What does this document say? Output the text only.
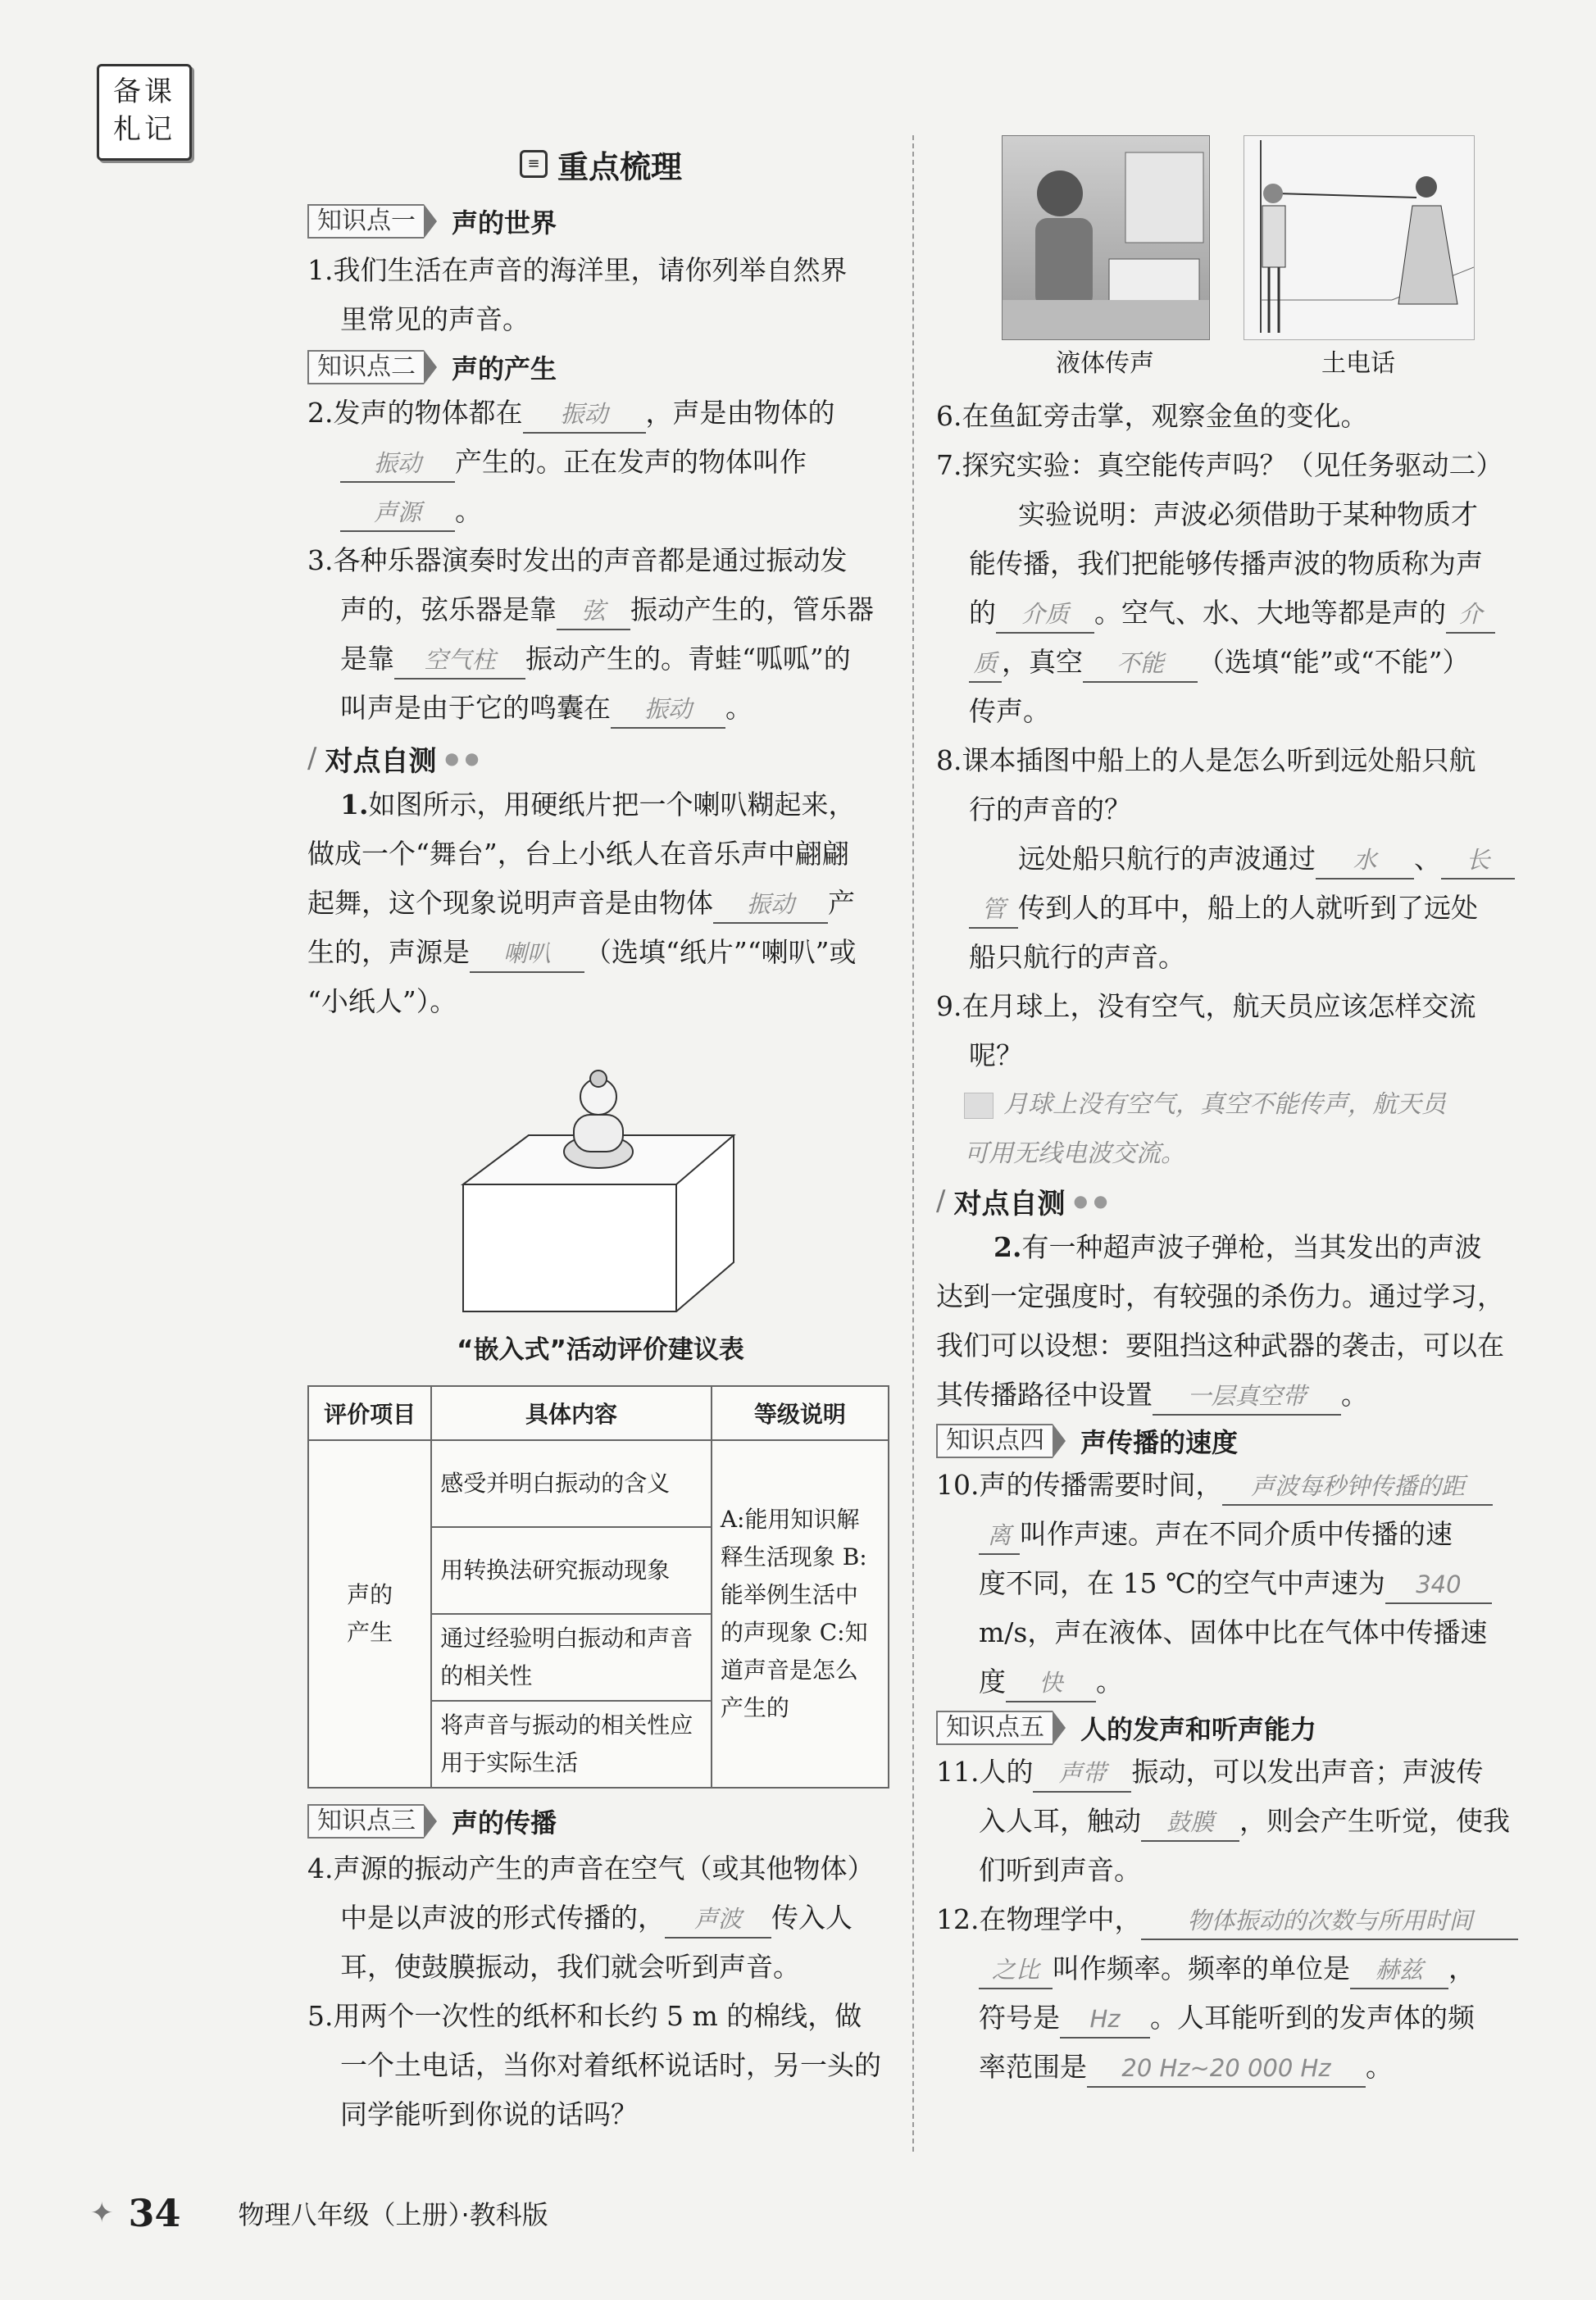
备课
札记
≡ 重点梳理
知识点一	声的世界
1.我们生活在声音的海洋里，请你列举自然界
里常见的声音。
知识点二	声的产生
2.发声的物体都在 振动 ，声是由物体的
振动 产生的。正在发声的物体叫作
声源 。
3.各种乐器演奏时发出的声音都是通过振动发
声的，弦乐器是靠 弦 振动产生的，管乐器
是靠 空气柱 振动产生的。青蛙“呱呱”的
叫声是由于它的鸣囊在 振动 。
∕ 对点自测 ● ●
1.如图所示，用硬纸片把一个喇叭糊起来，
做成一个“舞台”，台上小纸人在音乐声中翩翩
起舞，这个现象说明声音是由物体 振动 产
生的，声源是 喇叭 （选填“纸片”“喇叭”或
“小纸人”）。
“嵌入式”活动评价建议表
评价项目	具体内容	等级说明

声的产生	感受并明白振动的含义	A:能用知识解释生活现象 B:能举例生活中的声现象 C:知道声音是怎么产生的

	用转换法研究振动现象	

	通过经验明白振动和声音的相关性	

	将声音与振动的相关性应用于实际生活	
知识点三	声的传播
4.声源的振动产生的声音在空气（或其他物体）
中是以声波的形式传播的， 声波 传入人
耳，使鼓膜振动，我们就会听到声音。
5.用两个一次性的纸杯和长约 5 m 的棉线，做
一个土电话，当你对着纸杯说话时，另一头的
同学能听到你说的话吗？
液体传声	土电话
6.在鱼缸旁击掌，观察金鱼的变化。
7.探究实验：真空能传声吗？（见任务驱动二）
实验说明：声波必须借助于某种物质才
能传播，我们把能够传播声波的物质称为声
的 介质 。空气、水、大地等都是声的 介
质 ，真空 不能 （选填“能”或“不能”）
传声。
8.课本插图中船上的人是怎么听到远处船只航
行的声音的？
远处船只航行的声波通过 水 、 长
管 传到人的耳中，船上的人就听到了远处
船只航行的声音。
9.在月球上，没有空气，航天员应该怎样交流
呢？
月球上没有空气，真空不能传声，航天员
可用无线电波交流。
∕ 对点自测 ● ●
2.有一种超声波子弹枪，当其发出的声波
达到一定强度时，有较强的杀伤力。通过学习，
我们可以设想：要阻挡这种武器的袭击，可以在
其传播路径中设置 一层真空带 。
知识点四	声传播的速度
10.声的传播需要时间， 声波每秒钟传播的距
离 叫作声速。声在不同介质中传播的速
度不同，在 15 ℃的空气中声速为 340
m/s，声在液体、固体中比在气体中传播速
度 快 。
知识点五	人的发声和听声能力
11.人的 声带 振动，可以发出声音；声波传
入人耳，触动 鼓膜 ，则会产生听觉，使我
们听到声音。
12.在物理学中， 物体振动的次数与所用时间
之比 叫作频率。频率的单位是 赫兹 ，
符号是 Hz 。人耳能听到的发声体的频
率范围是 20 Hz~20 000 Hz 。
✦ 34 物理八年级（上册）·教科版
